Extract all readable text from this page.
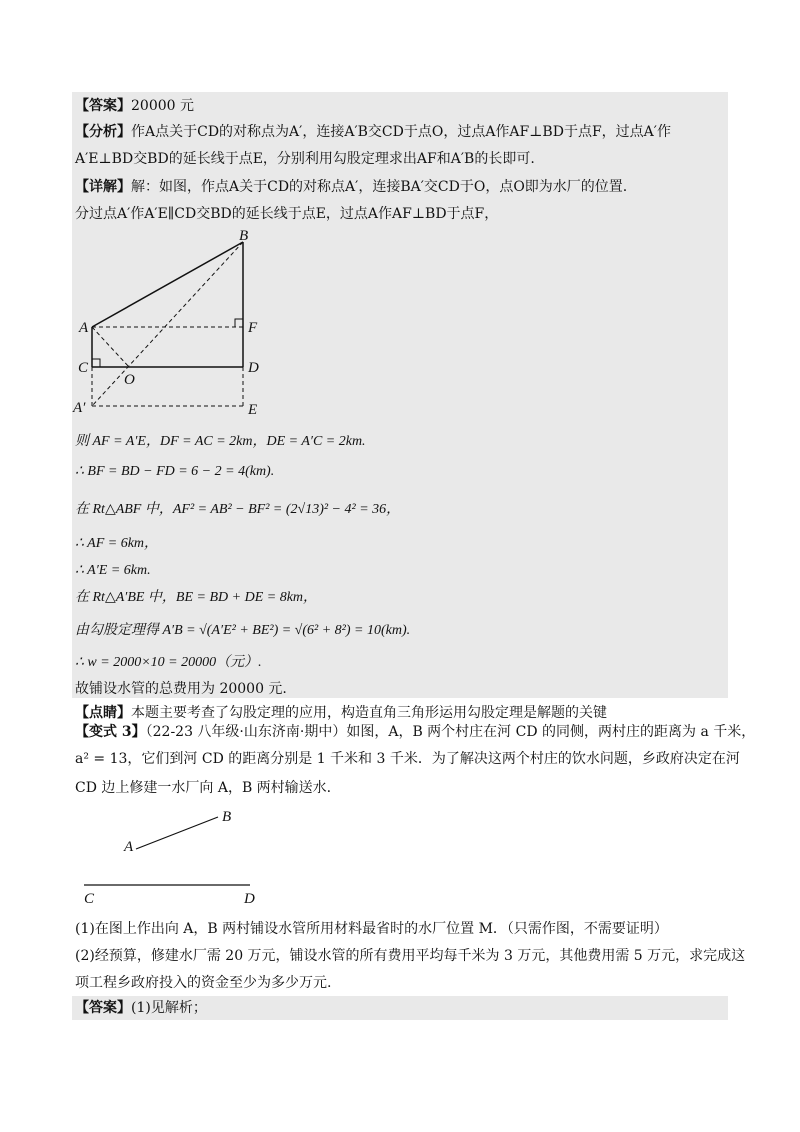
【答案】20000 元
【分析】作A点关于CD的对称点为A′，连接A′B交CD于点O，过点A作AF⊥BD于点F，过点A′作
A′E⊥BD交BD的延长线于点E，分别利用勾股定理求出AF和A′B的长即可.
【详解】解：如图，作点A关于CD的对称点A′，连接BA′交CD于O，点O即为水厂的位置.
分过点A′作A′E∥CD交BD的延长线于点E，过点A作AF⊥BD于点F，
B
A	F
C
O
D
A′	E
则 AF = A′E，DF = AC = 2km，DE = A′C = 2km.
∴ BF = BD − FD = 6 − 2 = 4(km).
在 Rt△ABF 中，AF² = AB² − BF² = (2√13)² − 4² = 36，
∴ AF = 6km，
∴ A′E = 6km.
在 Rt△A′BE 中，BE = BD + DE = 8km，
由勾股定理得 A′B = √(A′E² + BE²) = √(6² + 8²) = 10(km).
∴ w = 2000×10 = 20000（元）.
故铺设水管的总费用为 20000 元.
【点睛】本题主要考查了勾股定理的应用，构造直角三角形运用勾股定理是解题的关键
【变式 3】（22-23 八年级·山东济南·期中）如图，A，B 两个村庄在河 CD 的同侧，两村庄的距离为 a 千米，
a² = 13，它们到河 CD 的距离分别是 1 千米和 3 千米．为了解决这两个村庄的饮水问题，乡政府决定在河
CD 边上修建一水厂向 A，B 两村输送水.
A
B
C	D
(1)在图上作出向 A，B 两村铺设水管所用材料最省时的水厂位置 M．（只需作图，不需要证明）
(2)经预算，修建水厂需 20 万元，铺设水管的所有费用平均每千米为 3 万元，其他费用需 5 万元，求完成这
项工程乡政府投入的资金至少为多少万元.
【答案】(1)见解析；
